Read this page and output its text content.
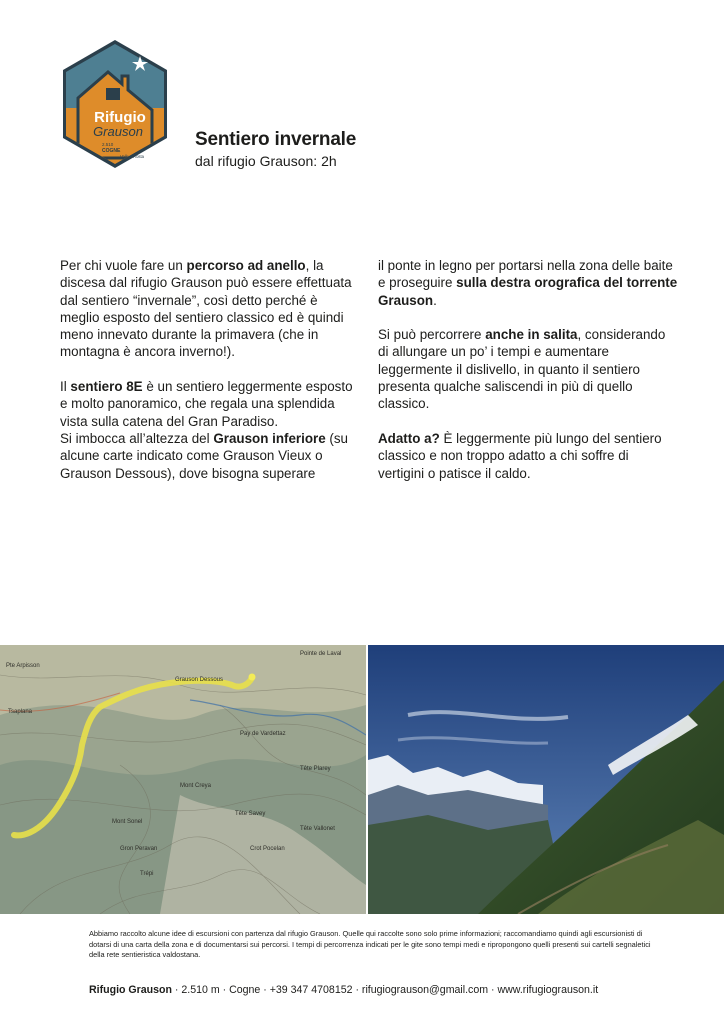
Rifugio
Grauson
2.510
COGNE
Valle d'Aosta
Sentiero invernale

dal rifugio Grauson: 2h

Per chi vuole fare un percorso ad anello, la discesa dal rifugio Grauson può essere effettuata dal sentiero “invernale”, così detto perché è meglio esposto del sentiero classico ed è quindi meno innevato durante la primavera (che in montagna è ancora inverno!).

Il sentiero 8E è un sentiero leggermente esposto e molto panoramico, che regala una splendida vista sulla catena del Gran Paradiso.

Si imbocca all’altezza del Grauson inferiore (su alcune carte indicato come Grauson Vieux o Grauson Dessous), dove bisogna superare

il ponte in legno per portarsi nella zona delle baite e proseguire sulla destra orografica del torrente Grauson.

Si può percorrere anche in salita, considerando di allungare un po’ i tempi e aumentare leggermente il dislivello, in quanto il sentiero presenta qualche saliscendi in più di quello classico.

Adatto a? È leggermente più lungo del sentiero classico e non troppo adatto a chi soffre di vertigini o patisce il caldo.

Grauson Dessous
Pointe de Laval
Pte Arpisson
Tsaplana
Pay de Vardettaz
Mont Creya
Tête Plarey
Tête Vallonet
Tête Savey
Mont Sonel
Crot Pocelan
Gron Peravan
Trépi
Abbiamo raccolto alcune idee di escursioni con partenza dal rifugio Grauson. Quelle qui raccolte sono solo prime informazioni; raccomandiamo quindi agli escursionisti di dotarsi di una carta della zona e di documentarsi sui percorsi. I tempi di percorrenza indicati per le gite sono tempi medi e ripropongono quelli presenti sui cartelli segnaletici della rete sentieristica valdostana.
Rifugio Grauson · 2.510 m · Cogne · +39 347 4708152 · rifugiograuson@gmail.com · www.rifugiograuson.it
